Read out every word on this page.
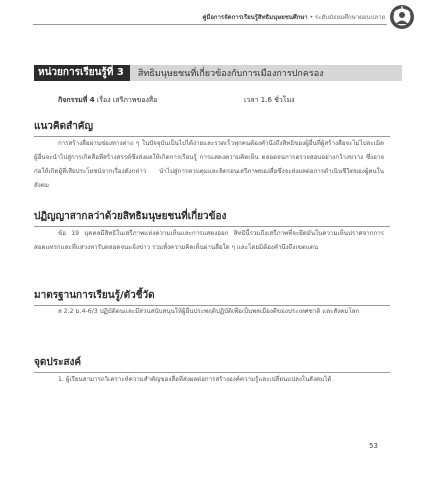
คู่มือการจัดการเรียนรู้สิทธิมนุษยชนศึกษา • ระดับมัธยมศึกษาตอนปลาย
หน่วยการเรียนรู้ที่ 3	สิทธิมนุษยชนที่เกี่ยวข้องกับการเมืองการปกครอง
กิจกรรมที่ 4 เรื่อง เสรีภาพของสื่อ	เวลา 1.6 ชั่วโมง
แนวคิดสำคัญ
การสร้างสื่อผ่านช่องทางต่าง ๆ ในปัจจุบันเป็นไปได้ง่ายและรวดเร็วทุกคนต้องคำนึงถึงสิทธิของผู้อื่นที่ผู้สร้างสื่อจะไม่ไปละเมิดผู้อื่นจะนำไปสู่การเกิดสื่อที่สร้างสรรค์ซึ่งส่งผลให้เกิดการเรียนรู้ การแสดงความคิดเห็น ตลอดจนการตรวจสอบอย่างกว้างขวาง ซึ่งอาจก่อให้เกิดผู้ที่เสียประโยชน์จากเรื่องดังกล่าว นำไปสู่การควบคุมและลิดรอนเสรีภาพของสื่อซึ่งจะส่งผลต่อการดำเนินชีวิตของผู้คนในสังคม
ปฏิญญาสากลว่าด้วยสิทธิมนุษยชนที่เกี่ยวข้อง
ข้อ 19 บุคคลมีสิทธิในเสรีภาพแห่งความเห็นและการแสดงออก สิทธินี้รวมถึงเสรีภาพที่จะยึดมั่นในความเห็นปราศจากการสอดแทรกและที่แสวงหารับตลอดจนแจ้งข่าว รวมทั้งความคิดเห็นผ่านสื่อใด ๆ และโดยมิต้องคำนึงถึงเขตแดน
มาตรฐานการเรียนรู้/ตัวชี้วัด
ส 2.2 ม.4-6/3 ปฏิบัติตนและมีส่วนสนับสนุนให้ผู้อื่นประพฤติปฏิบัติเพื่อเป็นพลเมืองดีของประเทศชาติ และสังคมโลก
จุดประสงค์
1. ผู้เรียนสามารถวิเคราะห์ความสำคัญของสื่อที่ส่งผลต่อการสร้างองค์ความรู้และเปลี่ยนแปลงในสังคมได้
53
